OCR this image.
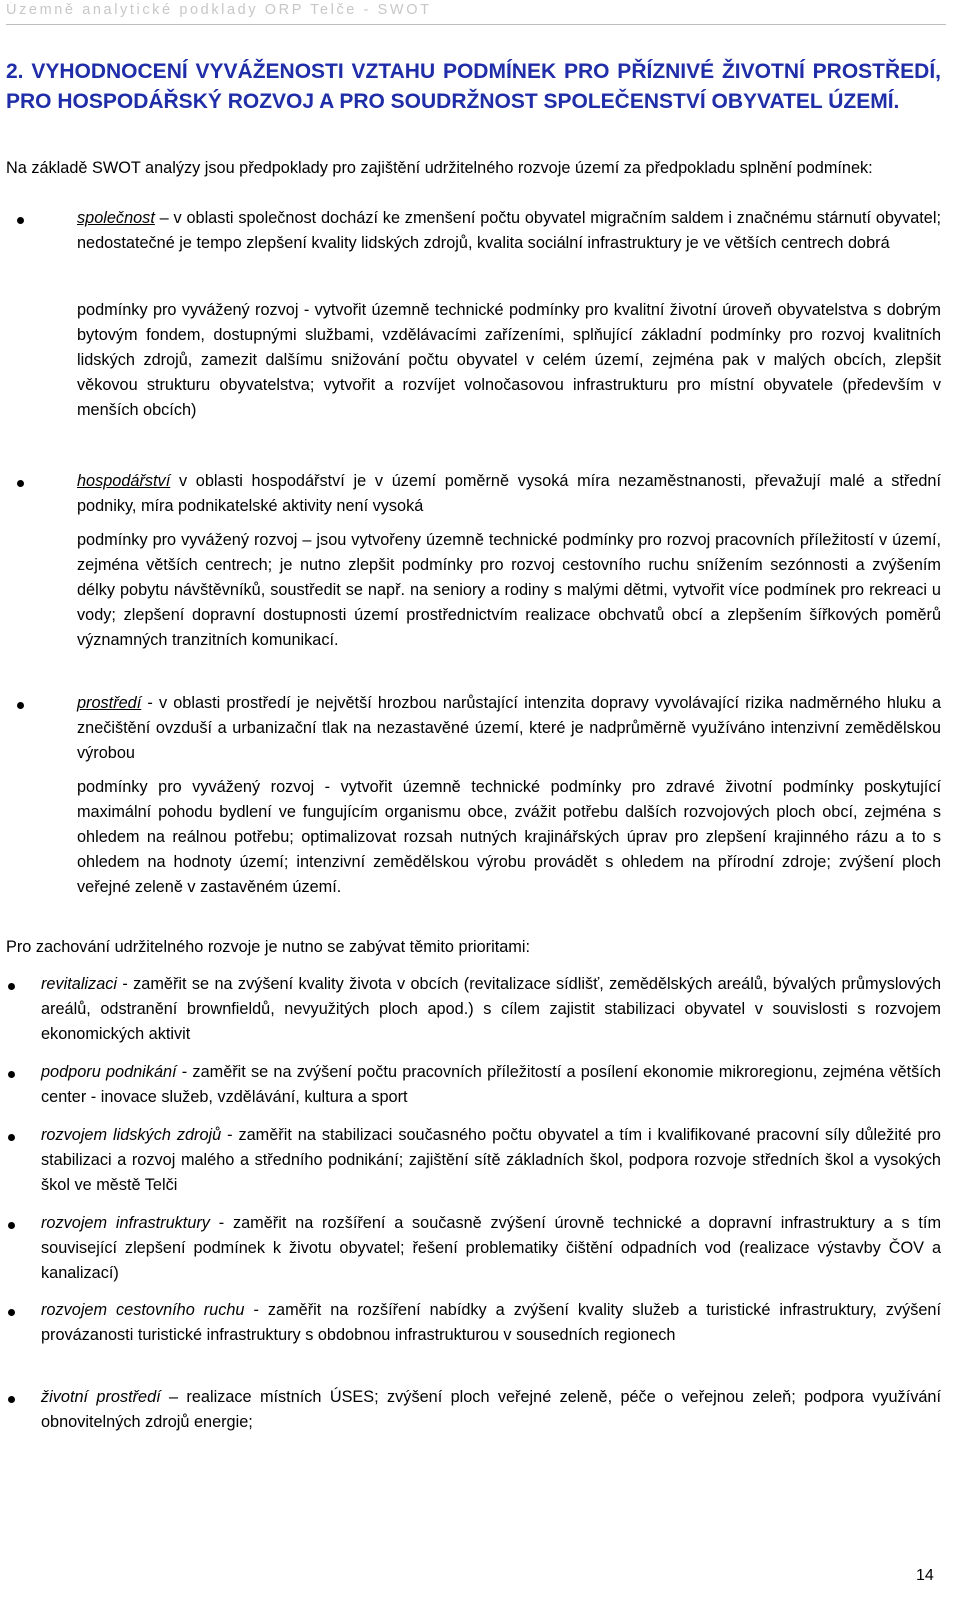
Územně analytické podklady ORP Telče - SWOT
2. VYHODNOCENÍ VYVÁŽENOSTI VZTAHU PODMÍNEK PRO PŘÍZNIVÉ ŽIVOTNÍ PROSTŘEDÍ, PRO HOSPODÁŘSKÝ ROZVOJ A PRO SOUDRŽNOST SPOLEČENSTVÍ OBYVATEL ÚZEMÍ.
Na základě SWOT analýzy jsou předpoklady pro zajištění udržitelného rozvoje území za předpokladu splnění podmínek:
společnost – v oblasti společnost dochází ke zmenšení počtu obyvatel migračním saldem i značnému stárnutí obyvatel; nedostatečné je tempo zlepšení kvality lidských zdrojů, kvalita sociální infrastruktury je ve větších centrech dobrá
podmínky pro vyvážený rozvoj - vytvořit územně technické podmínky pro kvalitní životní úroveň obyvatelstva s dobrým bytovým fondem, dostupnými službami, vzdělávacími zařízeními, splňující základní podmínky pro rozvoj kvalitních lidských zdrojů, zamezit dalšímu snižování počtu obyvatel v celém území, zejména pak v malých obcích, zlepšit věkovou strukturu obyvatelstva; vytvořit a rozvíjet volnočasovou infrastrukturu pro místní obyvatele (především v menších obcích)
hospodářství v oblasti hospodářství je v území poměrně vysoká míra nezaměstnanosti, převažují malé a střední podniky, míra podnikatelské aktivity není vysoká
podmínky pro vyvážený rozvoj – jsou vytvořeny územně technické podmínky pro rozvoj pracovních příležitostí v území, zejména větších centrech; je nutno zlepšit podmínky pro rozvoj cestovního ruchu snížením sezónnosti a zvýšením délky pobytu návštěvníků, soustředit se např. na seniory a rodiny s malými dětmi, vytvořit více podmínek pro rekreaci u vody; zlepšení dopravní dostupnosti území prostřednictvím realizace obchvatů obcí a zlepšením šířkových poměrů významných tranzitních komunikací.
prostředí - v oblasti prostředí je největší hrozbou narůstající intenzita dopravy vyvolávající rizika nadměrného hluku a znečištění ovzduší a urbanizační tlak na nezastavěné území, které je nadprůměrně využíváno intenzivní zemědělskou výrobou
podmínky pro vyvážený rozvoj - vytvořit územně technické podmínky pro zdravé životní podmínky poskytující maximální pohodu bydlení ve fungujícím organismu obce, zvážit potřebu dalších rozvojových ploch obcí, zejména s ohledem na reálnou potřebu; optimalizovat rozsah nutných krajinářských úprav pro zlepšení krajinného rázu a to s ohledem na hodnoty území; intenzivní zemědělskou výrobu provádět s ohledem na přírodní zdroje; zvýšení ploch veřejné zeleně v zastavěném území.
Pro zachování udržitelného rozvoje je nutno se zabývat těmito prioritami:
revitalizaci - zaměřit se na zvýšení kvality života v obcích (revitalizace sídlišť, zemědělských areálů, bývalých průmyslových areálů, odstranění brownfieldů, nevyužitých ploch apod.) s cílem zajistit stabilizaci obyvatel v souvislosti s rozvojem ekonomických aktivit
podporu podnikání - zaměřit se na zvýšení počtu pracovních příležitostí a posílení ekonomie mikroregionu, zejména větších center - inovace služeb, vzdělávání, kultura a sport
rozvojem lidských zdrojů - zaměřit na stabilizaci současného počtu obyvatel a tím i kvalifikované pracovní síly důležité pro stabilizaci a rozvoj malého a středního podnikání; zajištění sítě základních škol, podpora rozvoje středních škol a vysokých škol ve městě Telči
rozvojem infrastruktury - zaměřit na rozšíření a současně zvýšení úrovně technické a dopravní infrastruktury a s tím související zlepšení podmínek k životu obyvatel; řešení problematiky čištění odpadních vod (realizace výstavby ČOV a kanalizací)
rozvojem cestovního ruchu - zaměřit na rozšíření nabídky a zvýšení kvality služeb a turistické infrastruktury, zvýšení provázanosti turistické infrastruktury s obdobnou infrastrukturou v sousedních regionech
životní prostředí – realizace místních ÚSES; zvýšení ploch veřejné zeleně, péče o veřejnou zeleň; podpora využívání obnovitelných zdrojů energie;
14
